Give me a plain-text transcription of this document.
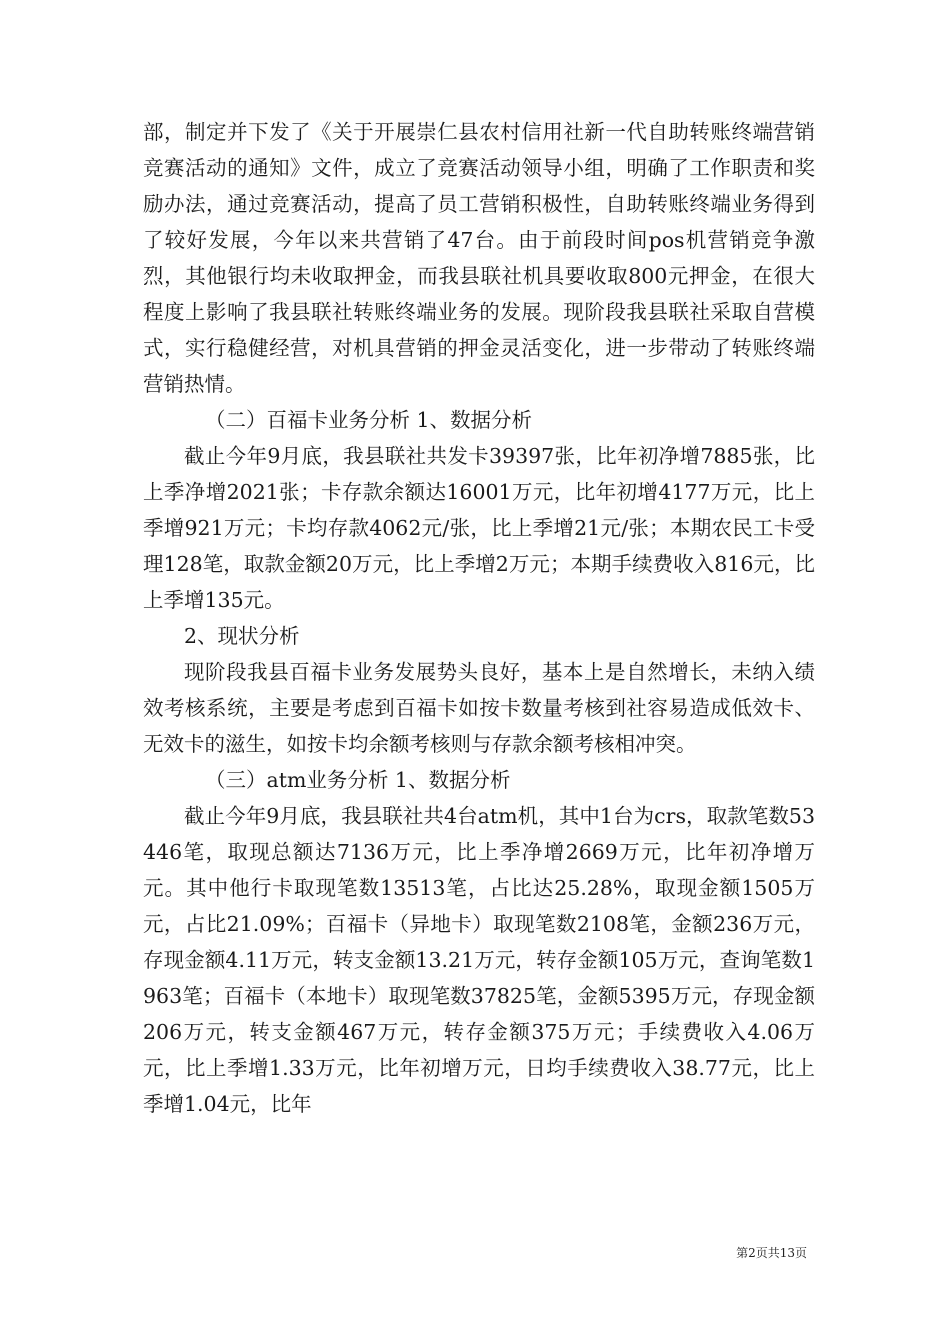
部，制定并下发了《关于开展崇仁县农村信用社新一代自助转账终端营销竞赛活动的通知》文件，成立了竞赛活动领导小组，明确了工作职责和奖励办法，通过竞赛活动，提高了员工营销积极性，自助转账终端业务得到了较好发展，今年以来共营销了47台。由于前段时间pos机营销竞争激烈，其他银行均未收取押金，而我县联社机具要收取800元押金，在很大程度上影响了我县联社转账终端业务的发展。现阶段我县联社采取自营模式，实行稳健经营，对机具营销的押金灵活变化，进一步带动了转账终端营销热情。

（二）百福卡业务分析 1、数据分析

截止今年9月底，我县联社共发卡39397张，比年初净增7885张，比上季净增2021张；卡存款余额达16001万元，比年初增4177万元，比上季增921万元；卡均存款4062元/张，比上季增21元/张；本期农民工卡受理128笔，取款金额20万元，比上季增2万元；本期手续费收入816元，比上季增135元。

2、现状分析

现阶段我县百福卡业务发展势头良好，基本上是自然增长，未纳入绩效考核系统，主要是考虑到百福卡如按卡数量考核到社容易造成低效卡、无效卡的滋生，如按卡均余额考核则与存款余额考核相冲突。

（三）atm业务分析 1、数据分析

截止今年9月底，我县联社共4台atm机，其中1台为crs，取款笔数53446笔，取现总额达7136万元，比上季净增2669万元，比年初净增万元。其中他行卡取现笔数13513笔，占比达25.28%，取现金额1505万元，占比21.09%；百福卡（异地卡）取现笔数2108笔，金额236万元，存现金额4.11万元，转支金额13.21万元，转存金额105万元，查询笔数1963笔；百福卡（本地卡）取现笔数37825笔，金额5395万元，存现金额206万元，转支金额467万元，转存金额375万元；手续费收入4.06万元，比上季增1.33万元，比年初增万元，日均手续费收入38.77元，比上季增1.04元，比年

第2页共13页
